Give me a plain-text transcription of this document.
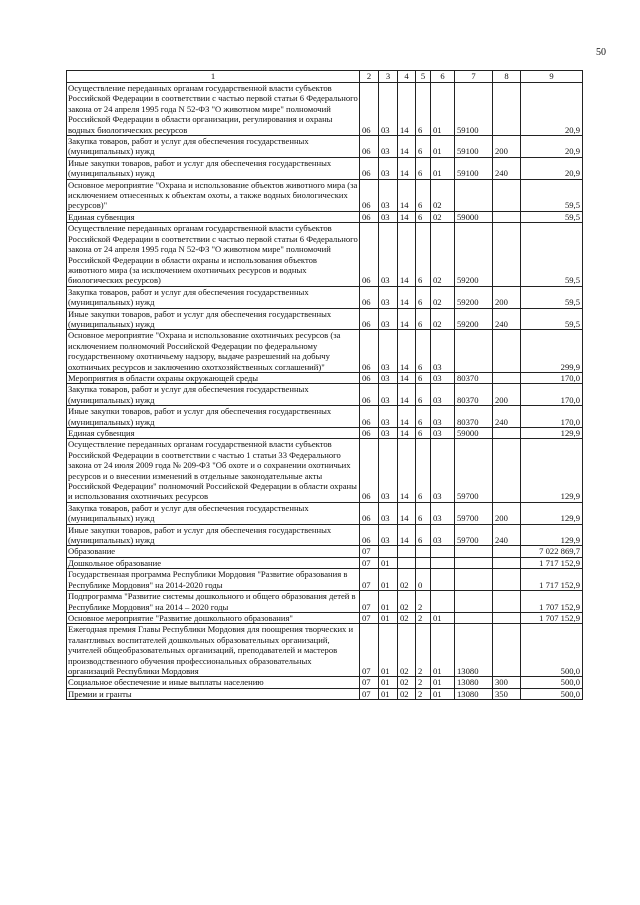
50
1	2	3	4	5	6	7	8	9
Осуществление переданных органам государственной власти субъектов Российской Федерации в соответствии с частью первой статьи 6 Федерального закона от 24 апреля 1995 года N 52-ФЗ "О животном мире" полномочий Российской Федерации в области организации, регулирования и охраны водных биологических ресурсов	06	03	14	6	01	59100		20,9
Закупка товаров, работ и услуг для обеспечения государственных (муниципальных) нужд	06	03	14	6	01	59100	200	20,9
Иные закупки товаров, работ и услуг для обеспечения государственных (муниципальных) нужд	06	03	14	6	01	59100	240	20,9
Основное мероприятие "Охрана и использование объектов животного мира (за исключением отнесенных к объектам охоты, а также водных биологических ресурсов)"	06	03	14	6	02			59,5
Единая субвенция	06	03	14	6	02	59000		59,5
Осуществление переданных органам государственной власти субъектов Российской Федерации в соответствии с частью первой статьи 6 Федерального закона от 24 апреля 1995 года N 52-ФЗ "О животном мире" полномочий Российской Федерации в области охраны и использования объектов животного мира (за исключением охотничьих ресурсов и водных биологических ресурсов)	06	03	14	6	02	59200		59,5
Закупка товаров, работ и услуг для обеспечения государственных (муниципальных) нужд	06	03	14	6	02	59200	200	59,5
Иные закупки товаров, работ и услуг для обеспечения государственных (муниципальных) нужд	06	03	14	6	02	59200	240	59,5
Основное мероприятие "Охрана и использование охотничьих ресурсов (за исключением полномочий Российской Федерации по федеральному государственному охотничьему надзору, выдаче разрешений на добычу охотничьих ресурсов и заключению охотхозяйственных соглашений)"	06	03	14	6	03			299,9
Мероприятия в области охраны окружающей среды	06	03	14	6	03	80370		170,0
Закупка товаров, работ и услуг для обеспечения государственных (муниципальных) нужд	06	03	14	6	03	80370	200	170,0
Иные закупки товаров, работ и услуг для обеспечения государственных (муниципальных) нужд	06	03	14	6	03	80370	240	170,0
Единая субвенция	06	03	14	6	03	59000		129,9
Осуществление переданных органам государственной власти субъектов Российской Федерации в соответствии с частью 1 статьи 33 Федерального закона от 24 июля 2009 года № 209-ФЗ "Об охоте и о сохранении охотничьих ресурсов и о внесении изменений в отдельные законодательные акты Российской Федерации" полномочий Российской Федерации в области охраны и использования охотничьих ресурсов	06	03	14	6	03	59700		129,9
Закупка товаров, работ и услуг для обеспечения государственных (муниципальных) нужд	06	03	14	6	03	59700	200	129,9
Иные закупки товаров, работ и услуг для обеспечения государственных (муниципальных) нужд	06	03	14	6	03	59700	240	129,9
Образование	07							7 022 869,7
Дошкольное образование	07	01						1 717 152,9
Государственная программа Республики Мордовия "Развитие образования в Республике Мордовия" на 2014-2020 годы	07	01	02	0				1 717 152,9
Подпрограмма "Развитие системы дошкольного и общего образования детей в Республике Мордовия" на 2014 – 2020 годы	07	01	02	2				1 707 152,9
Основное мероприятие "Развитие дошкольного образования"	07	01	02	2	01			1 707 152,9
Ежегодная премия Главы Республики Мордовия для поощрения творческих и талантливых воспитателей дошкольных образовательных организаций, учителей общеобразовательных организаций, преподавателей и мастеров производственного обучения профессиональных образовательных организаций Республики Мордовия	07	01	02	2	01	13080		500,0
Социальное обеспечение и иные выплаты населению	07	01	02	2	01	13080	300	500,0
Премии и гранты	07	01	02	2	01	13080	350	500,0
